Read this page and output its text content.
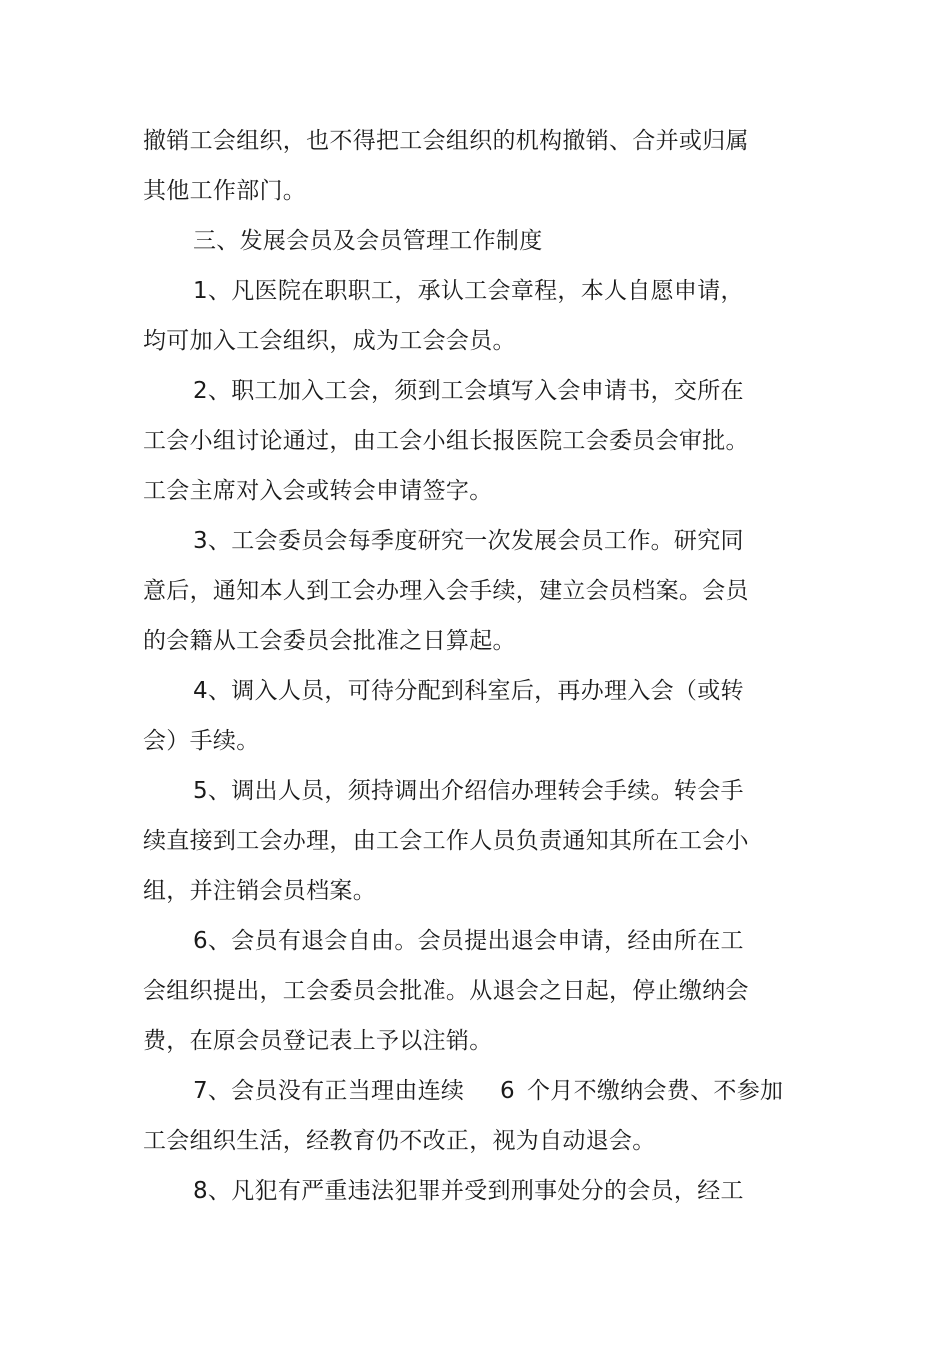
撤销工会组织，也不得把工会组织的机构撤销、合并或归属
其他工作部门。
三、发展会员及会员管理工作制度
1、凡医院在职职工，承认工会章程，本人自愿申请，
均可加入工会组织，成为工会会员。
2、职工加入工会，须到工会填写入会申请书，交所在
工会小组讨论通过，由工会小组长报医院工会委员会审批。
工会主席对入会或转会申请签字。
3、工会委员会每季度研究一次发展会员工作。研究同
意后，通知本人到工会办理入会手续，建立会员档案。会员
的会籍从工会委员会批准之日算起。
4、调入人员，可待分配到科室后，再办理入会（或转
会）手续。
5、调出人员，须持调出介绍信办理转会手续。转会手
续直接到工会办理，由工会工作人员负责通知其所在工会小
组，并注销会员档案。
6、会员有退会自由。会员提出退会申请，经由所在工
会组织提出，工会委员会批准。从退会之日起，停止缴纳会
费，在原会员登记表上予以注销。
7、会员没有正当理由连续 6 个月不缴纳会费、不参加
工会组织生活，经教育仍不改正，视为自动退会。
8、凡犯有严重违法犯罪并受到刑事处分的会员，经工
